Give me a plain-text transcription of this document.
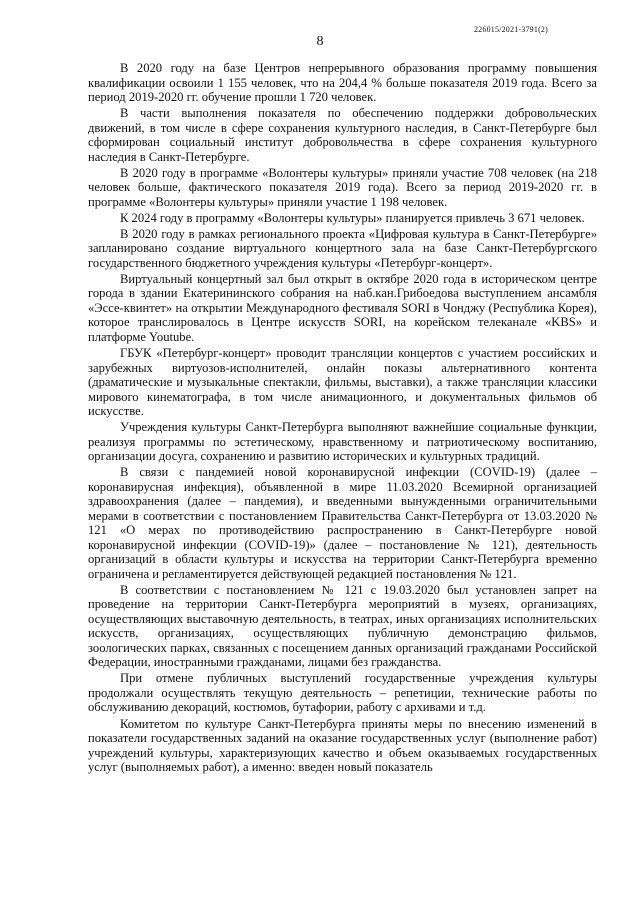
226015/2021-3791(2)
8

В 2020 году на базе Центров непрерывного образования программу повышения квалификации освоили 1 155 человек, что на 204,4 % больше показателя 2019 года. Всего за период 2019-2020 гг. обучение прошли 1 720 человек.

В части выполнения показателя по обеспечению поддержки добровольческих движений, в том числе в сфере сохранения культурного наследия, в Санкт-Петербурге был сформирован социальный институт добровольчества в сфере сохранения культурного наследия в Санкт-Петербурге.

В 2020 году в программе «Волонтеры культуры» приняли участие 708 человек (на 218 человек больше, фактического показателя 2019 года). Всего за период 2019-2020 гг. в программе «Волонтеры культуры» приняли участие 1 198 человек.

К 2024 году в программу «Волонтеры культуры» планируется привлечь 3 671 человек.

В 2020 году в рамках регионального проекта «Цифровая культура в Санкт-Петербурге» запланировано создание виртуального концертного зала на базе Санкт-Петербургского государственного бюджетного учреждения культуры «Петербург-концерт».

Виртуальный концертный зал был открыт в октябре 2020 года в историческом центре города в здании Екатерининского собрания на наб.кан.Грибоедова выступлением ансамбля «Эссе-квинтет» на открытии Международного фестиваля SORI в Чонджу (Республика Корея), которое транслировалось в Центре искусств SORI, на корейском телеканале «KBS» и платформе Youtube.

ГБУК «Петербург-концерт» проводит трансляции концертов с участием российских и зарубежных виртуозов-исполнителей, онлайн показы альтернативного контента (драматические и музыкальные спектакли, фильмы, выставки), а также трансляции классики мирового кинематографа, в том числе анимационного, и документальных фильмов об искусстве.

Учреждения культуры Санкт-Петербурга выполняют важнейшие социальные функции, реализуя программы по эстетическому, нравственному и патриотическому воспитанию, организации досуга, сохранению и развитию исторических и культурных традиций.

В связи с пандемией новой коронавирусной инфекции (COVID-19) (далее – коронавирусная инфекция), объявленной в мире 11.03.2020 Всемирной организацией здравоохранения (далее – пандемия), и введенными вынужденными ограничительными мерами в соответствии с постановлением Правительства Санкт-Петербурга от 13.03.2020 № 121 «О мерах по противодействию распространению в Санкт-Петербурге новой коронавирусной инфекции (COVID-19)» (далее – постановление № 121), деятельность организаций в области культуры и искусства на территории Санкт-Петербурга временно ограничена и регламентируется действующей редакцией постановления № 121.

В соответствии с постановлением № 121 с 19.03.2020 был установлен запрет на проведение на территории Санкт-Петербурга мероприятий в музеях, организациях, осуществляющих выставочную деятельность, в театрах, иных организациях исполнительских искусств, организациях, осуществляющих публичную демонстрацию фильмов, зоологических парках, связанных с посещением данных организаций гражданами Российской Федерации, иностранными гражданами, лицами без гражданства.

При отмене публичных выступлений государственные учреждения культуры продолжали осуществлять текущую деятельность – репетиции, технические работы по обслуживанию декораций, костюмов, бутафории, работу с архивами и т.д.

Комитетом по культуре Санкт-Петербурга приняты меры по внесению изменений в показатели государственных заданий на оказание государственных услуг (выполнение работ) учреждений культуры, характеризующих качество и объем оказываемых государственных услуг (выполняемых работ), а именно: введен новый показатель
